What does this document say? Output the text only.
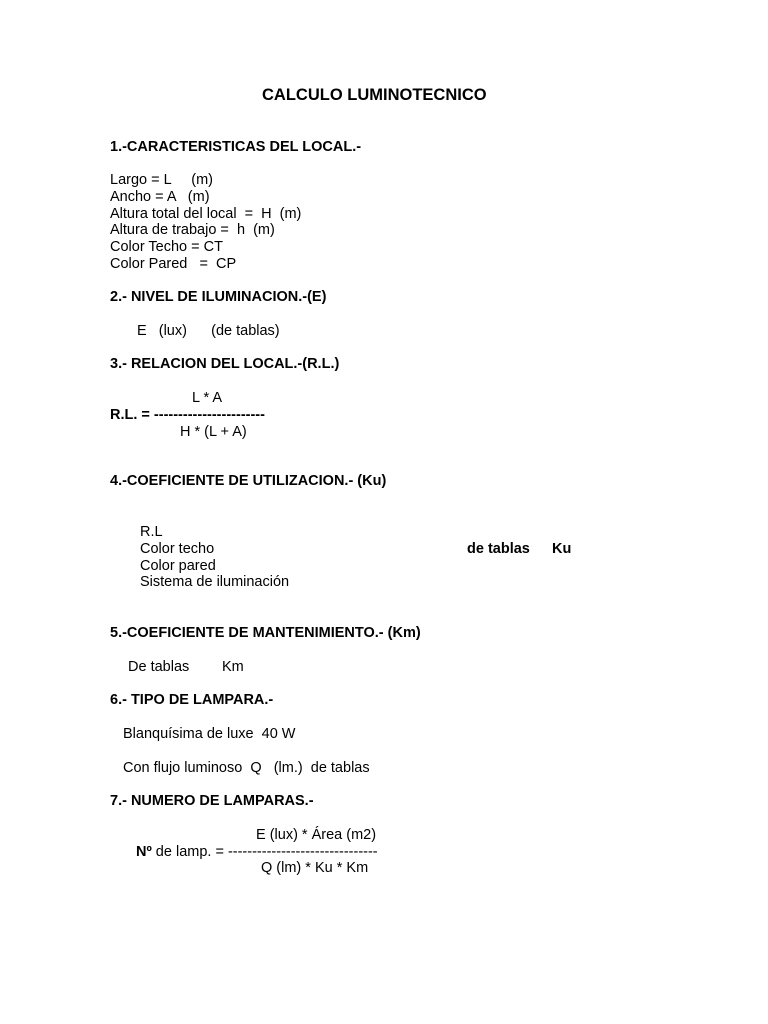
CALCULO LUMINOTECNICO
1.-CARACTERISTICAS DEL LOCAL.-
Largo = L     (m)
Ancho = A   (m)
Altura total del local  =  H  (m)
Altura de trabajo =  h  (m)
Color Techo = CT
Color Pared   =  CP
2.- NIVEL DE ILUMINACION.-(E)
E   (lux)      (de tablas)
3.- RELACION DEL LOCAL.-(R.L.)
L * A
R.L. = -----------------------
H * (L + A)
4.-COEFICIENTE DE UTILIZACION.- (Ku)
R.L
Color techo
Color pared
Sistema de iluminación
de tablas Ku
5.-COEFICIENTE DE MANTENIMIENTO.- (Km)
De tablas Km
6.- TIPO DE LAMPARA.-
Blanquísima de luxe  40 W
Con flujo luminoso  Q   (lm.)  de tablas
7.- NUMERO DE LAMPARAS.-
E (lux) * Área (m2)
Nº de lamp. = -------------------------------
Q (lm) * Ku * Km
